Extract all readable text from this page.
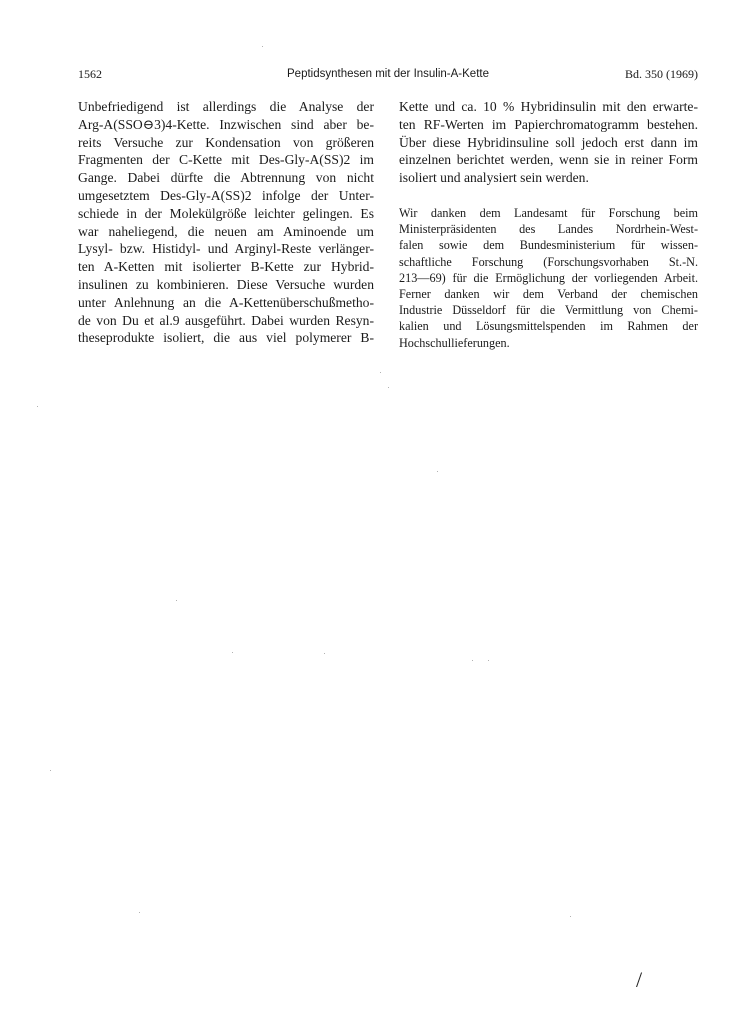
1562	Peptidsynthesen mit der Insulin-A-Kette	Bd. 350 (1969)
Unbefriedigend ist allerdings die Analyse der
Arg-A(SSO⊖3)4-Kette. Inzwischen sind aber be-
reits Versuche zur Kondensation von größeren
Fragmenten der C-Kette mit Des-Gly-A(SS)2 im
Gange. Dabei dürfte die Abtrennung von nicht
umgesetztem Des-Gly-A(SS)2 infolge der Unter-
schiede in der Molekülgröße leichter gelingen. Es
war naheliegend, die neuen am Aminoende um
Lysyl- bzw. Histidyl- und Arginyl-Reste verlänger-
ten A-Ketten mit isolierter B-Kette zur Hybrid-
insulinen zu kombinieren. Diese Versuche wurden
unter Anlehnung an die A-Kettenüberschußmetho-
de von Du et al.9 ausgeführt. Dabei wurden Resyn-
theseprodukte isoliert, die aus viel polymerer B-
Kette und ca. 10 % Hybridinsulin mit den erwarte-
ten RF-Werten im Papierchromatogramm bestehen.
Über diese Hybridinsuline soll jedoch erst dann im
einzelnen berichtet werden, wenn sie in reiner Form
isoliert und analysiert sein werden.
Wir danken dem Landesamt für Forschung beim
Ministerpräsidenten des Landes Nordrhein-West-
falen sowie dem Bundesministerium für wissen-
schaftliche Forschung (Forschungsvorhaben St.-N.
213—69) für die Ermöglichung der vorliegenden Arbeit.
Ferner danken wir dem Verband der chemischen
Industrie Düsseldorf für die Vermittlung von Chemi-
kalien und Lösungsmittelspenden im Rahmen der
Hochschullieferungen.
/
